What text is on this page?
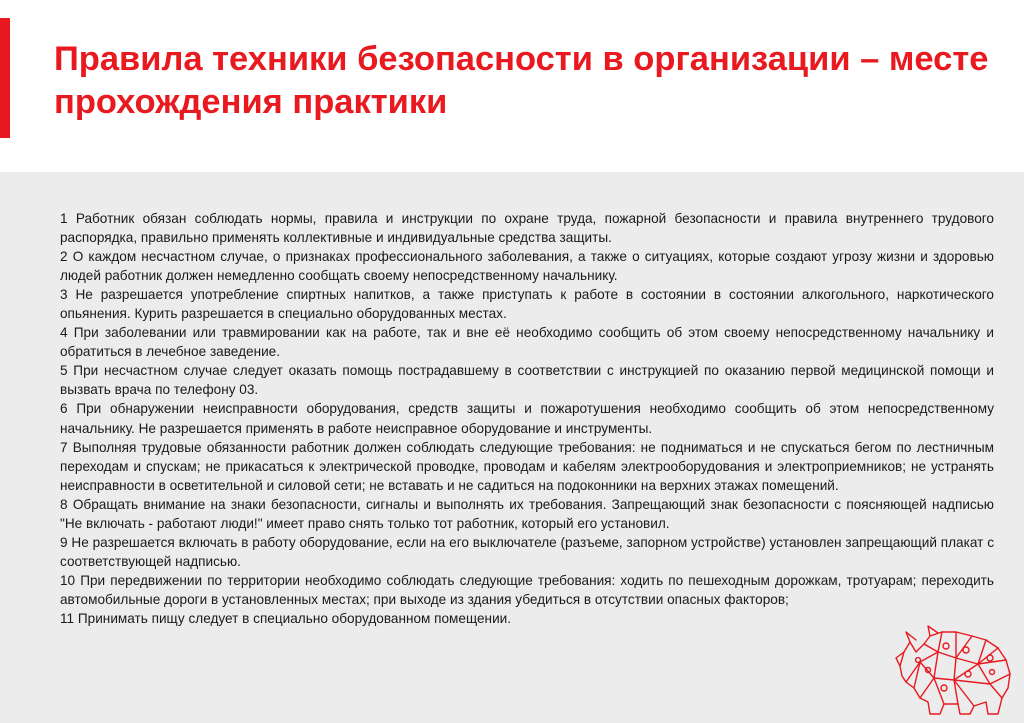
Правила техники безопасности в организации – месте прохождения практики
1 Работник обязан соблюдать нормы, правила и инструкции по охране труда, пожарной безопасности и правила внутреннего трудового распорядка, правильно применять коллективные и индивидуальные средства защиты.
2 О каждом несчастном случае, о признаках профессионального заболевания, а также о ситуациях, которые создают угрозу жизни и здоровью людей работник должен немедленно сообщать своему непосредственному начальнику.
3 Не разрешается употребление спиртных напитков, а также приступать к работе в состоянии в состоянии алкогольного, наркотического опьянения. Курить разрешается в специально оборудованных местах.
4 При заболевании или травмировании как на работе, так и вне её необходимо сообщить об этом своему непосредственному начальнику и обратиться в лечебное заведение.
5 При несчастном случае следует оказать помощь пострадавшему в соответствии с инструкцией по оказанию первой медицинской помощи и вызвать врача по телефону 03.
6 При обнаружении неисправности оборудования, средств защиты и пожаротушения необходимо сообщить об этом непосредственному начальнику. Не разрешается применять в работе неисправное оборудование и инструменты.
7 Выполняя трудовые обязанности работник должен соблюдать следующие требования: не подниматься и не спускаться бегом по лестничным переходам и спускам; не прикасаться к электрической проводке, проводам и кабелям электрооборудования и электроприемников; не устранять неисправности в осветительной и силовой сети; не вставать и не садиться на подоконники на верхних этажах помещений.
8 Обращать внимание на знаки безопасности, сигналы и выполнять их требования. Запрещающий знак безопасности с поясняющей надписью "Не включать - работают люди!" имеет право снять только тот работник, который его установил.
9 Не разрешается включать в работу оборудование, если на его выключателе (разъеме, запорном устройстве) установлен запрещающий плакат с соответствующей надписью.
10 При передвижении по территории необходимо соблюдать следующие требования: ходить по пешеходным дорожкам, тротуарам; переходить автомобильные дороги в установленных местах; при выходе из здания убедиться в отсутствии опасных факторов;
11 Принимать пищу следует в специально оборудованном помещении.
